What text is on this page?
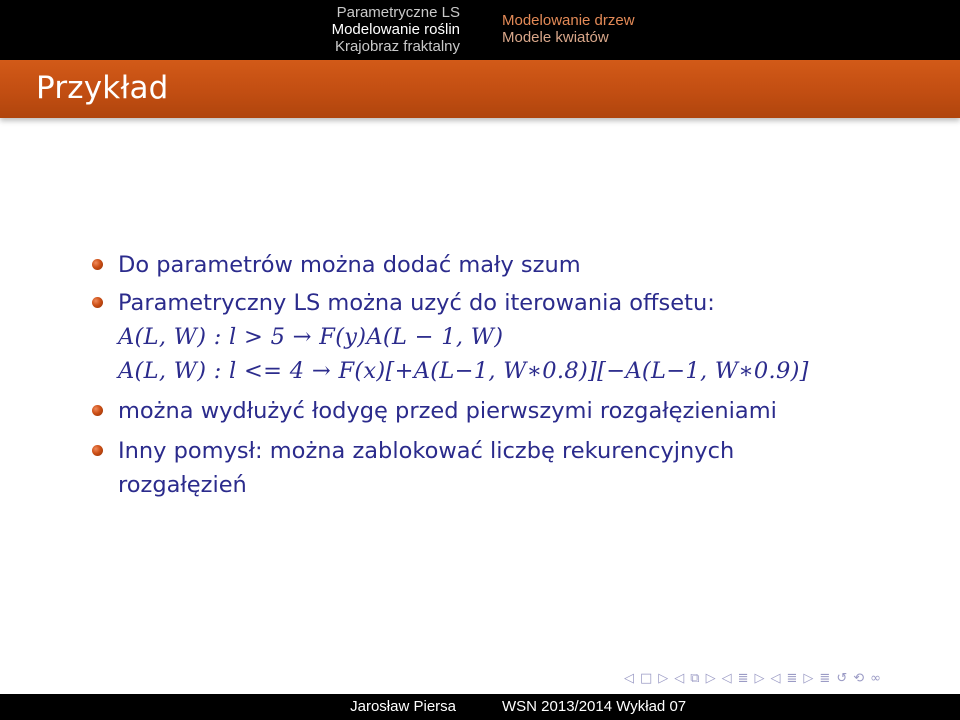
Parametryczne LS
Modelowanie roślin
Krajobraz fraktalny
Modelowanie drzew
Modele kwiatów
Przykład
Do parametrów można dodać mały szum
Parametryczny LS można uzyć do iterowania offsetu:
A(L, W) : l > 5 → F(y)A(L − 1, W)
A(L, W) : l <= 4 → F(x)[+A(L−1, W∗0.8)][−A(L−1, W∗0.9)]
można wydłużyć łodygę przed pierwszymi rozgałęzieniami
Inny pomysł: można zablokować liczbę rekurencyjnych
rozgałęzień
◁ □ ▷ ◁ ⧉ ▷ ◁ ≣ ▷ ◁ ≣ ▷ ≣ ↺ ⟲ ∞
Jarosław Piersa	WSN 2013/2014 Wykład 07
